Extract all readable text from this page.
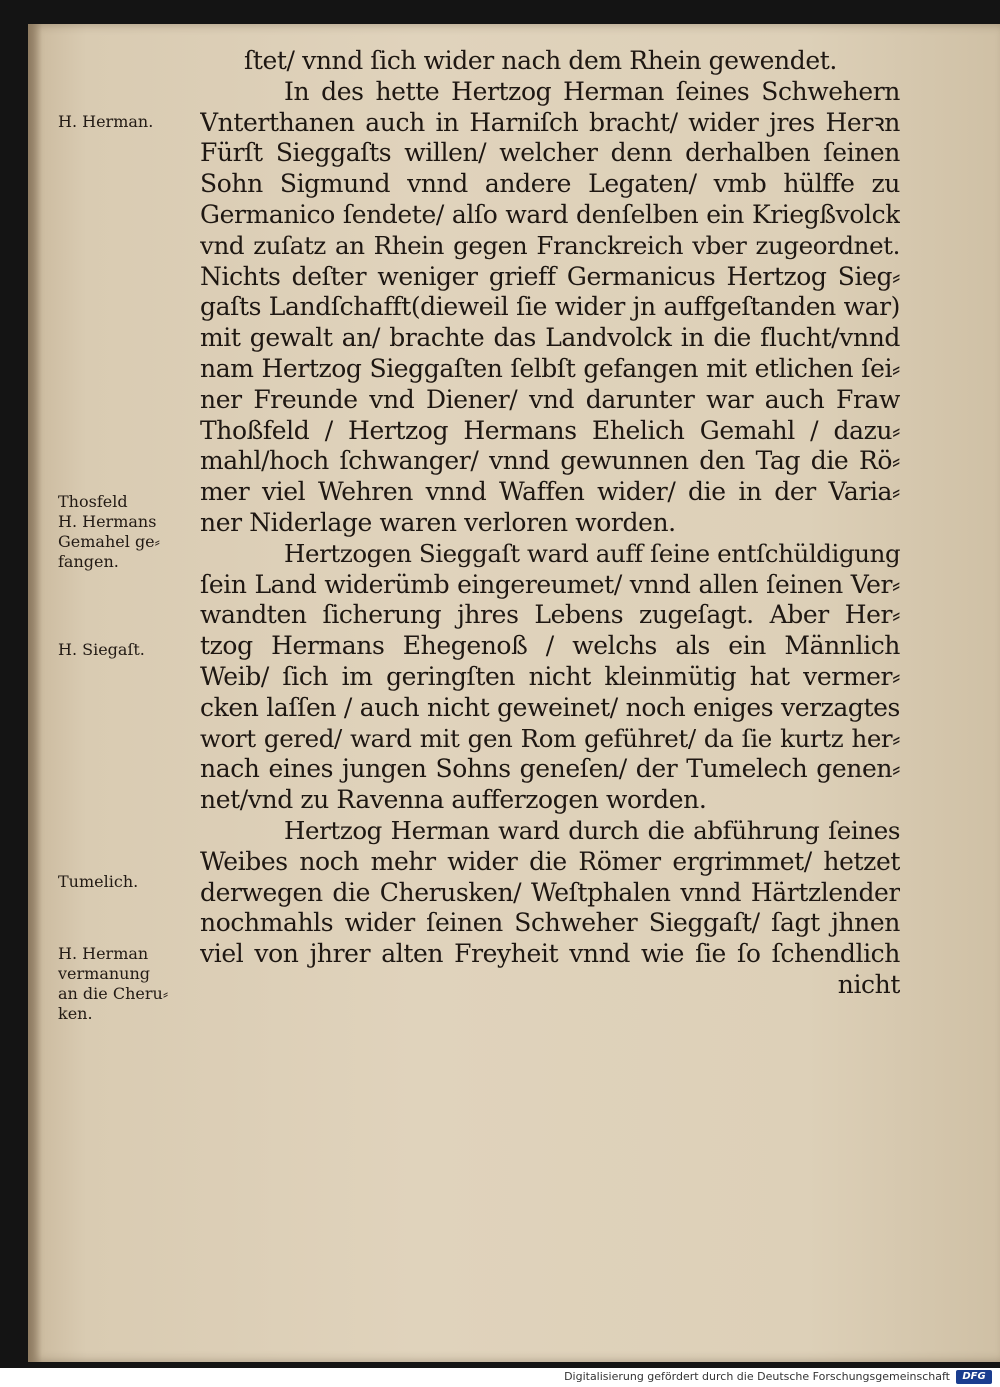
ſtet/ vnnd ſich wider nach dem Rhein gewendet.
In des hette Hertzog Herman ſeines Schwehern
Vnterthanen auch in Harniſch bracht/ wider jres Herꝛn
Fürſt Sieggaſts willen/ welcher denn derhalben ſeinen
Sohn Sigmund vnnd andere Legaten/ vmb hülffe zu
Germanico ſendete/ alſo ward denſelben ein Kriegßvolck
vnd zuſatz an Rhein gegen Franckreich vber zugeordnet.
Nichts deſter weniger grieff Germanicus Hertzog Sieg⸗
gaſts Landſchafft(dieweil ſie wider jn auffgeſtanden war)
mit gewalt an/ brachte das Landvolck in die flucht/vnnd
nam Hertzog Sieggaſten ſelbſt gefangen mit etlichen ſei⸗
ner Freunde vnd Diener/ vnd darunter war auch Fraw
Thoßfeld / Hertzog Hermans Ehelich Gemahl / dazu⸗
mahl/hoch ſchwanger/ vnnd gewunnen den Tag die Rö⸗
mer viel Wehren vnnd Waffen wider/ die in der Varia⸗
ner Niderlage waren verloren worden.
Hertzogen Sieggaſt ward auff ſeine entſchüldigung
ſein Land widerümb eingereumet/ vnnd allen ſeinen Ver⸗
wandten ſicherung jhres Lebens zugeſagt. Aber Her⸗
tzog Hermans Ehegenoß / welchs als ein Männlich
Weib/ ſich im geringſten nicht kleinmütig hat vermer⸗
cken laſſen / auch nicht geweinet/ noch eniges verzagtes
wort gered/ ward mit gen Rom geführet/ da ſie kurtz her⸗
nach eines jungen Sohns geneſen/ der Tumelech genen⸗
net/vnd zu Ravenna aufferzogen worden.
Hertzog Herman ward durch die abführung ſeines
Weibes noch mehr wider die Römer ergrimmet/ hetzet
derwegen die Cherusken/ Weſtphalen vnnd Härtzlender
nochmahls wider ſeinen Schweher Sieggaſt/ ſagt jhnen
viel von jhrer alten Freyheit vnnd wie ſie ſo ſchendlich
nicht
H. Herman.
Thosfeld
H. Hermans
Gemahel ge⸗
fangen.
H. Siegaſt.
Tumelich.
H. Herman
vermanung
an die Cheru⸗
ken.
Digitalisierung gefördert durch die Deutsche Forschungsgemeinschaft	DFG
